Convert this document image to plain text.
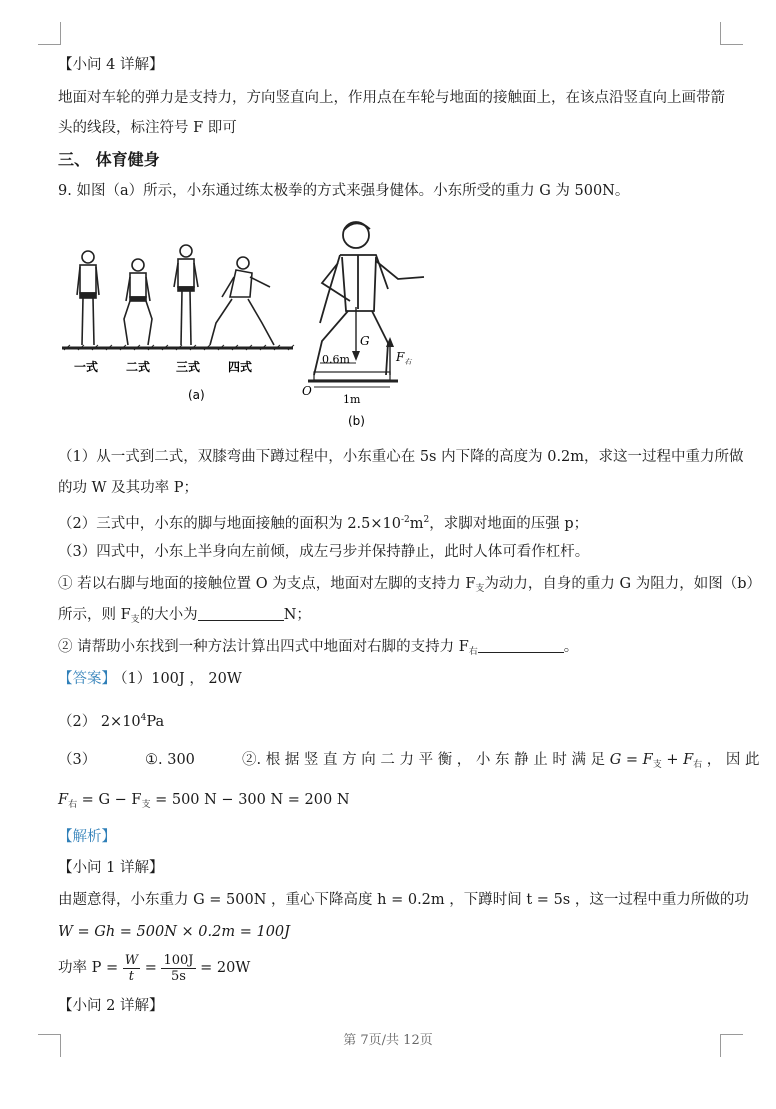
【小问 4 详解】
地面对车轮的弹力是支持力，方向竖直向上，作用点在车轮与地面的接触面上，在该点沿竖直向上画带箭
头的线段，标注符号 F 即可
三、 体育健身
9. 如图（a）所示，小东通过练太极拳的方式来强身健体。小东所受的重力 G 为 500N。
一式 二式 三式 四式
(a)
G
0.6m	$F_右$
O
1m
(b)
（1）从一式到二式，双膝弯曲下蹲过程中，小东重心在 5s 内下降的高度为 0.2m，求这一过程中重力所做
的功 W 及其功率 P；
（2）三式中，小东的脚与地面接触的面积为 $2.5\times 10^{-2}m^2$，求脚对地面的压强 p；
（3）四式中，小东上半身向左前倾，成左弓步并保持静止，此时人体可看作杠杆。
① 若以右脚与地面的接触位置 O 为支点，地面对左脚的支持力 $F_支$为动力，自身的重力 G 为阻力，如图（b）
所示，则 $F_支$的大小为	N；
② 请帮助小东找到一种方法计算出四式中地面对右脚的支持力 $F_右$	。
【答案】
（1）100J ， 20W
（2） $2\times 10^4Pa$
（3）	①. 300	②. 根 据 竖 直 方 向 二 力 平 衡 ， 小 东 静 止 时 满 足 $G = F_支 + F_右$ ， 因 此
$F_右 = G - F_支 = 500$ N − 300 N = 200 N
【解析】
【小问 1 详解】
由题意得，小东重力 G = 500N ，重心下降高度 h = 0.2m ，下蹲时间 t = 5s ，这一过程中重力所做的功
W = Gh = 500N × 0.2m = 100J
功率 $P = \frac{W}{t} = \frac{100J}{5s} = 20W$
【小问 2 详解】
第 7页/共 12页
